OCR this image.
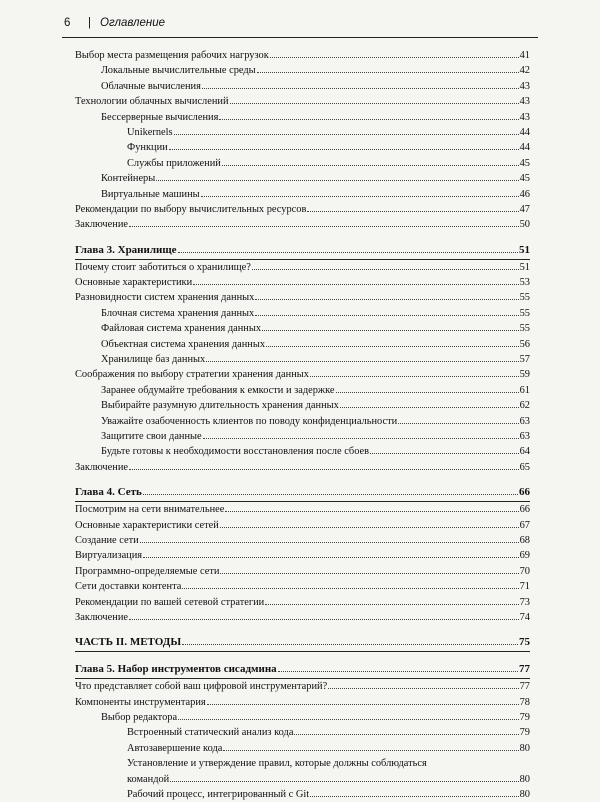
6 | Оглавление
Выбор места размещения рабочих нагрузок	41
Локальные вычислительные среды	42
Облачные вычисления	43
Технологии облачных вычислений	43
Бессерверные вычисления	43
Unikernels	44
Функции	44
Службы приложений	45
Контейнеры	45
Виртуальные машины	46
Рекомендации по выбору вычислительных ресурсов	47
Заключение	50
Глава 3. Хранилище	51
Почему стоит заботиться о хранилище?	51
Основные характеристики	53
Разновидности систем хранения данных	55
Блочная система хранения данных	55
Файловая система хранения данных	55
Объектная система хранения данных	56
Хранилище баз данных	57
Соображения по выбору стратегии хранения данных	59
Заранее обдумайте требования к емкости и задержке	61
Выбирайте разумную длительность хранения данных	62
Уважайте озабоченность клиентов по поводу конфиденциальности	63
Защитите свои данные	63
Будьте готовы к необходимости восстановления после сбоев	64
Заключение	65
Глава 4. Сеть	66
Посмотрим на сети внимательнее	66
Основные характеристики сетей	67
Создание сети	68
Виртуализация	69
Программно-определяемые сети	70
Сети доставки контента	71
Рекомендации по вашей сетевой стратегии	73
Заключение	74
ЧАСТЬ II. МЕТОДЫ	75
Глава 5. Набор инструментов сисадмина	77
Что представляет собой ваш цифровой инструментарий?	77
Компоненты инструментария	78
Выбор редактора	79
Встроенный статический анализ кода	79
Автозавершение кода	80
Установление и утверждение правил, которые должны соблюдаться
командой	80
Рабочий процесс, интегрированный с Git	80
